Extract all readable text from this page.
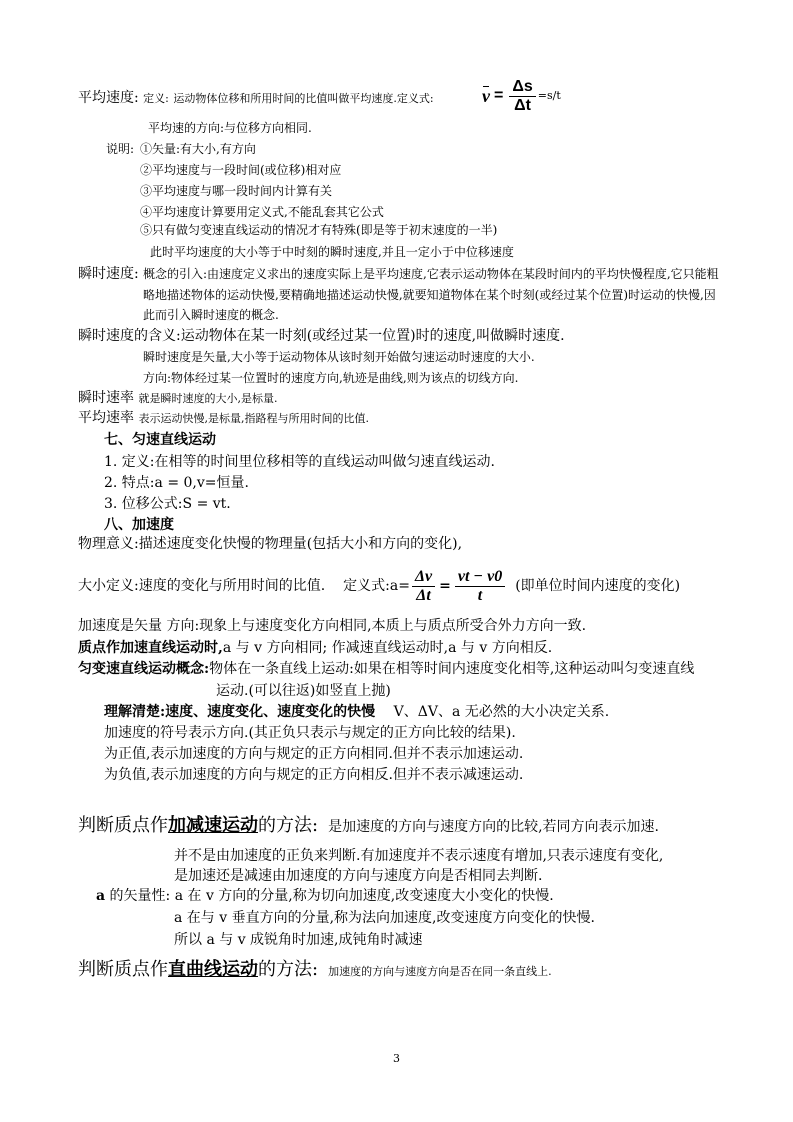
平均速度: 定义: 运动物体位移和所用时间的比值叫做平均速度.定义式:	$v = \frac{\Delta s}{\Delta t} =s/t$
平均速的方向:与位移方向相同.
说明: ①矢量:有大小,有方向
②平均速度与一段时间(或位移)相对应
③平均速度与哪一段时间内计算有关
④平均速度计算要用定义式,不能乱套其它公式
⑤只有做匀变速直线运动的情况才有特殊(即是等于初末速度的一半)
此时平均速度的大小等于中时刻的瞬时速度,并且一定小于中位移速度
瞬时速度: 概念的引入:由速度定义求出的速度实际上是平均速度,它表示运动物体在某段时间内的平均快慢程度,它只能粗
略地描述物体的运动快慢,要精确地描述运动快慢,就要知道物体在某个时刻(或经过某个位置)时运动的快慢,因
此而引入瞬时速度的概念.
瞬时速度的含义:运动物体在某一时刻(或经过某一位置)时的速度,叫做瞬时速度.
瞬时速度是矢量,大小等于运动物体从该时刻开始做匀速运动时速度的大小.
方向:物体经过某一位置时的速度方向,轨迹是曲线,则为该点的切线方向.
瞬时速率 就是瞬时速度的大小,是标量.
平均速率 表示运动快慢,是标量,指路程与所用时间的比值.
七、匀速直线运动
1. 定义:在相等的时间里位移相等的直线运动叫做匀速直线运动.
2. 特点:a = 0,v=恒量.
3. 位移公式:S = vt.
八、加速度
物理意义:描述速度变化快慢的物理量(包括大小和方向的变化),
大小定义:速度的变化与所用时间的比值. 定义式:a= $\frac{\Delta v}{\Delta t} = \frac{vt - v0}{t}$ (即单位时间内速度的变化)
加速度是矢量 方向:现象上与速度变化方向相同,本质上与质点所受合外力方向一致.
质点作加速直线运动时,a 与 v 方向相同; 作减速直线运动时,a 与 v 方向相反.
匀变速直线运动概念:物体在一条直线上运动:如果在相等时间内速度变化相等,这种运动叫匀变速直线
运动.(可以往返)如竖直上抛)
理解清楚:速度、速度变化、速度变化的快慢 V、ΔV、a 无必然的大小决定关系.
加速度的符号表示方向.(其正负只表示与规定的正方向比较的结果).
为正值,表示加速度的方向与规定的正方向相同.但并不表示加速运动.
为负值,表示加速度的方向与规定的正方向相反.但并不表示减速运动.
判断质点作 加减速运动 的方法: 是加速度的方向与速度方向的比较,若同方向表示加速.
并不是由加速度的正负来判断.有加速度并不表示速度有增加,只表示速度有变化,
是加速还是减速由加速度的方向与速度方向是否相同去判断.
a 的矢量性: a 在 v 方向的分量,称为切向加速度,改变速度大小变化的快慢.
a 在与 v 垂直方向的分量,称为法向加速度,改变速度方向变化的快慢.
所以 a 与 v 成锐角时加速,成钝角时减速
判断质点作 直曲线运动 的方法: 加速度的方向与速度方向是否在同一条直线上.
3
